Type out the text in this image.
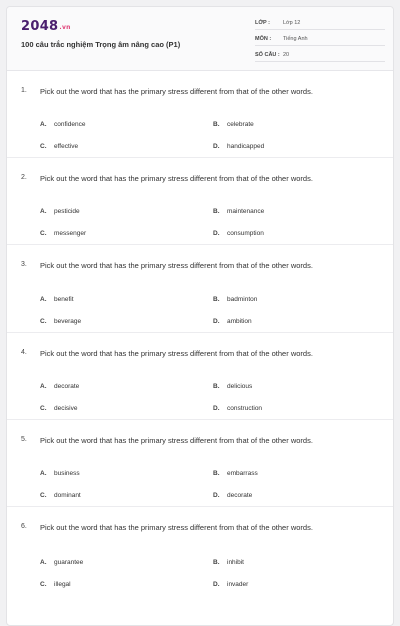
2048.vn
100 câu trắc nghiệm Trọng âm nâng cao (P1)
LỚP :	Lớp 12
MÔN :	Tiếng Anh
SỐ CÂU : 20
1. Pick out the word that has the primary stress different from that of the other words.
A. confidence	B. celebrate
C. effective	D. handicapped
2. Pick out the word that has the primary stress different from that of the other words.
A. pesticide	B. maintenance
C. messenger	D. consumption
3. Pick out the word that has the primary stress different from that of the other words.
A. benefit	B. badminton
C. beverage	D. ambition
4. Pick out the word that has the primary stress different from that of the other words.
A. decorate	B. delicious
C. decisive	D. construction
5. Pick out the word that has the primary stress different from that of the other words.
A. business	B. embarrass
C. dominant	D. decorate
6. Pick out the word that has the primary stress different from that of the other words.
A. guarantee	B. inhibit
C. illegal	D. invader
